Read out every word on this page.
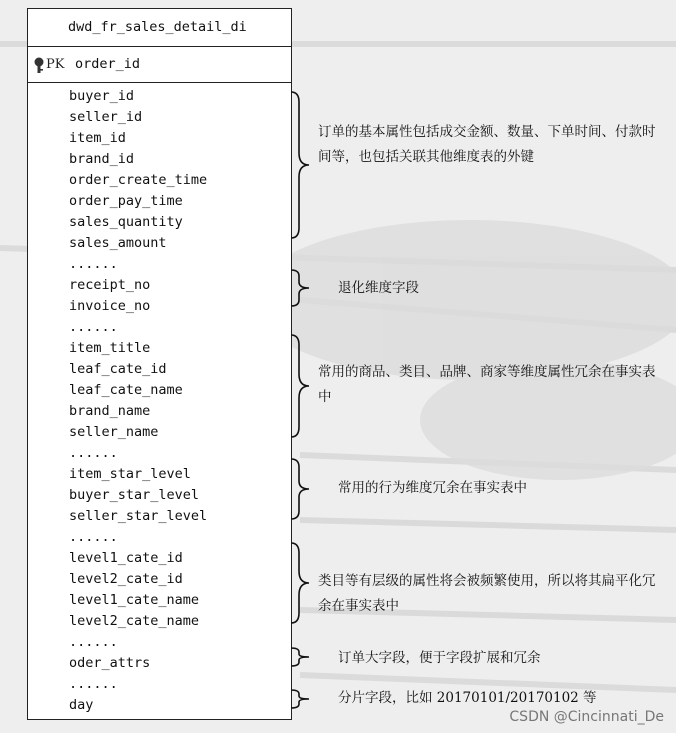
dwd_fr_sales_detail_di
PK order_id
buyer_id
seller_id
item_id
brand_id
order_create_time
order_pay_time
sales_quantity
sales_amount
......
receipt_no
invoice_no
......
item_title
leaf_cate_id
leaf_cate_name
brand_name
seller_name
......
item_star_level
buyer_star_level
seller_star_level
......
level1_cate_id
level2_cate_id
level1_cate_name
level2_cate_name
......
oder_attrs
......
day
订单的基本属性包括成交金额、数量、下单时间、付款时间等，也包括关联其他维度表的外键
退化维度字段
常用的商品、类目、品牌、商家等维度属性冗余在事实表中
常用的行为维度冗余在事实表中
类目等有层级的属性将会被频繁使用，所以将其扁平化冗余在事实表中
订单大字段，便于字段扩展和冗余
分片字段，比如 20170101/20170102 等
CSDN @Cincinnati_De
